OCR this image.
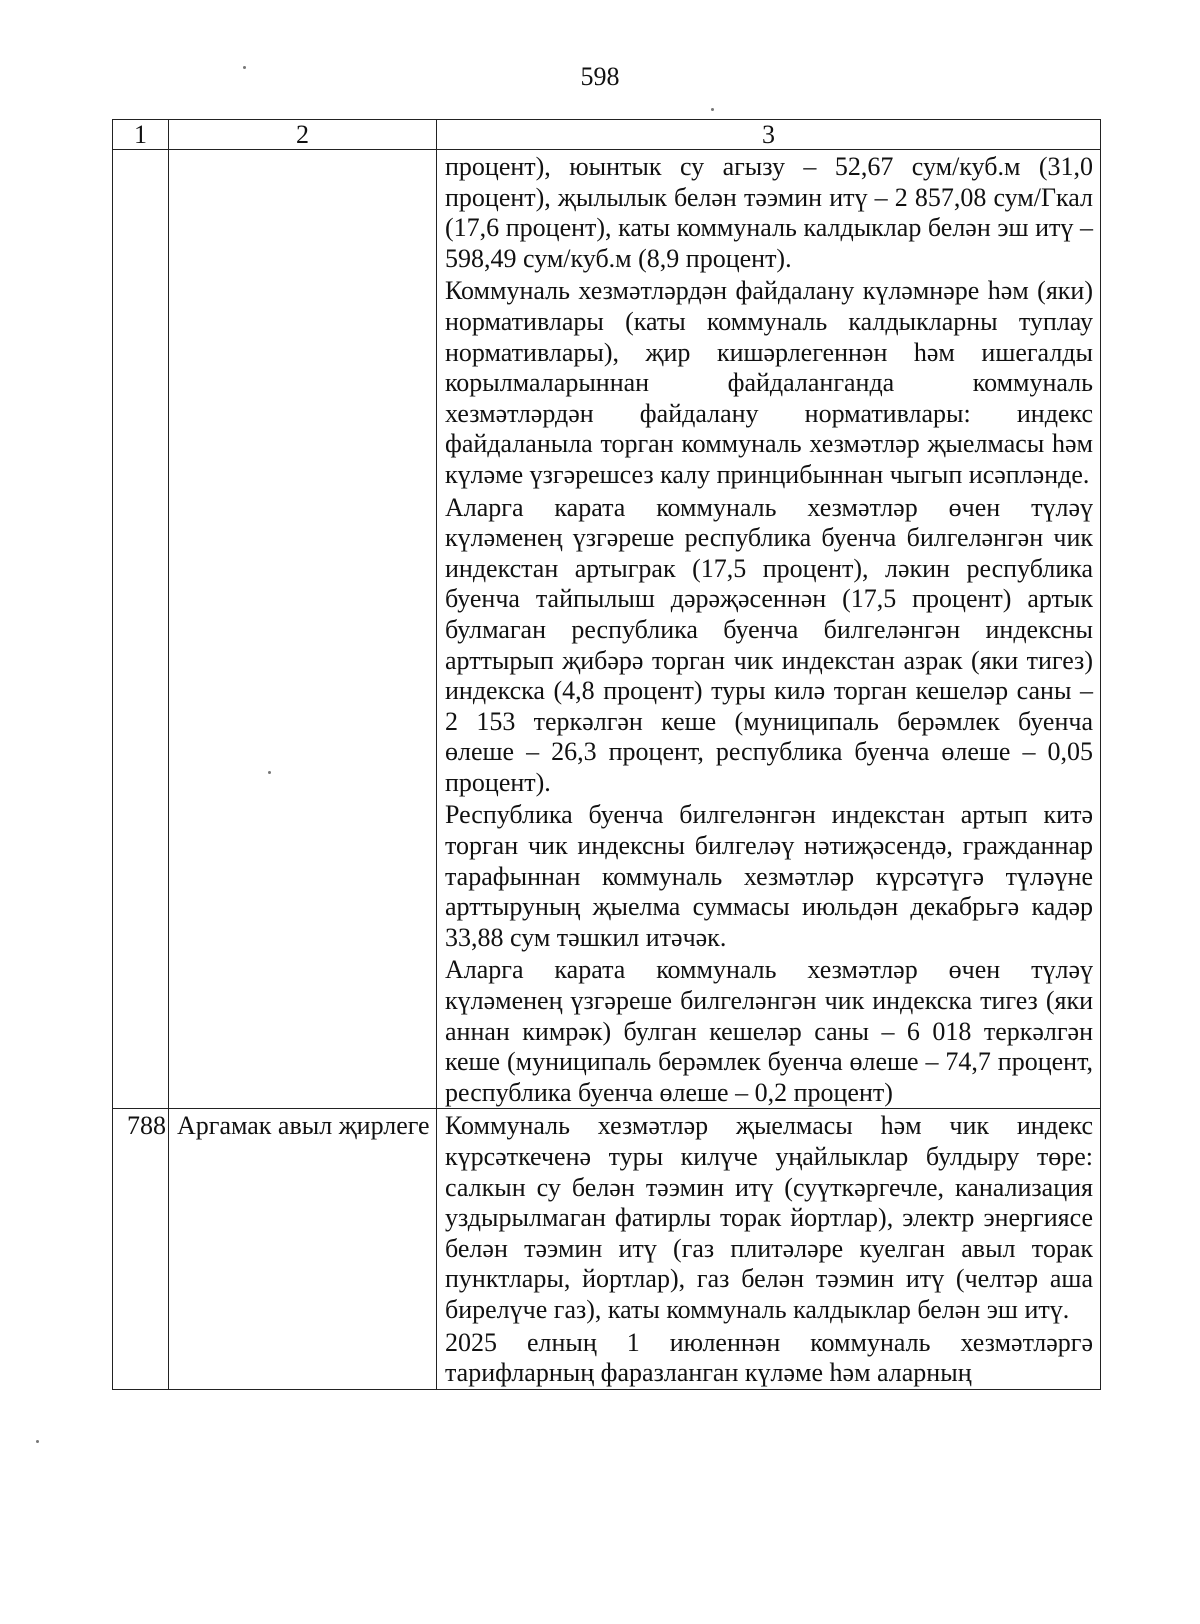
598
1	2	3

		процент), юынтык су агызу – 52,67 сум/куб.м (31,0 процент), җылылык белән тәэмин итү – 2 857,08 сум/Гкал (17,6 процент), каты коммуналь калдыклар белән эш итү – 598,49 сум/куб.м (8,9 процент).

Коммуналь хезмәтләрдән файдалану күләмнәре һәм (яки) нормативлары (каты коммуналь калдыкларны туплау нормативлары), җир кишәрлегеннән һәм ишегалды корылмаларыннан файдаланганда коммуналь хезмәтләрдән файдалану нормативлары: индекс файдаланыла торган коммуналь хезмәтләр җыелмасы һәм күләме үзгәрешсез калу принцибыннан чыгып исәпләнде.

Аларга карата коммуналь хезмәтләр өчен түләү күләменең үзгәреше республика буенча билгеләнгән чик индекстан артыграк (17,5 процент), ләкин республика буенча тайпылыш дәрәҗәсеннән (17,5 процент) артык булмаган республика буенча билгеләнгән индексны арттырып җибәрә торган чик индекстан азрак (яки тигез) индекска (4,8 процент) туры килә торган кешеләр саны – 2 153 теркәлгән кеше (муниципаль берәмлек буенча өлеше – 26,3 процент, республика буенча өлеше – 0,05 процент).

Республика буенча билгеләнгән индекстан артып китә торган чик индексны билгеләү нәтиҗәсендә, гражданнар тарафыннан коммуналь хезмәтләр күрсәтүгә түләүне арттыруның җыелма суммасы июльдән декабрьгә кадәр 33,88 сум тәшкил итәчәк.

Аларга карата коммуналь хезмәтләр өчен түләү күләменең үзгәреше билгеләнгән чик индекска тигез (яки аннан кимрәк) булган кешеләр саны – 6 018 теркәлгән кеше (муниципаль берәмлек буенча өлеше – 74,7 процент, республика буенча өлеше – 0,2 процент)

788	Аргамак авыл җирлеге	Коммуналь хезмәтләр җыелмасы һәм чик индекс күрсәткеченә туры килүче уңайлыклар булдыру төре: салкын су белән тәэмин итү (суүткәргечле, канализация уздырылмаган фатирлы торак йортлар), электр энергиясе белән тәэмин итү (газ плитәләре куелган авыл торак пунктлары, йортлар), газ белән тәэмин итү (челтәр аша бирелүче газ), каты коммуналь калдыклар белән эш итү.

2025 елның 1 июленнән коммуналь хезмәтләргә тарифларның фаразланган күләме һәм аларның
